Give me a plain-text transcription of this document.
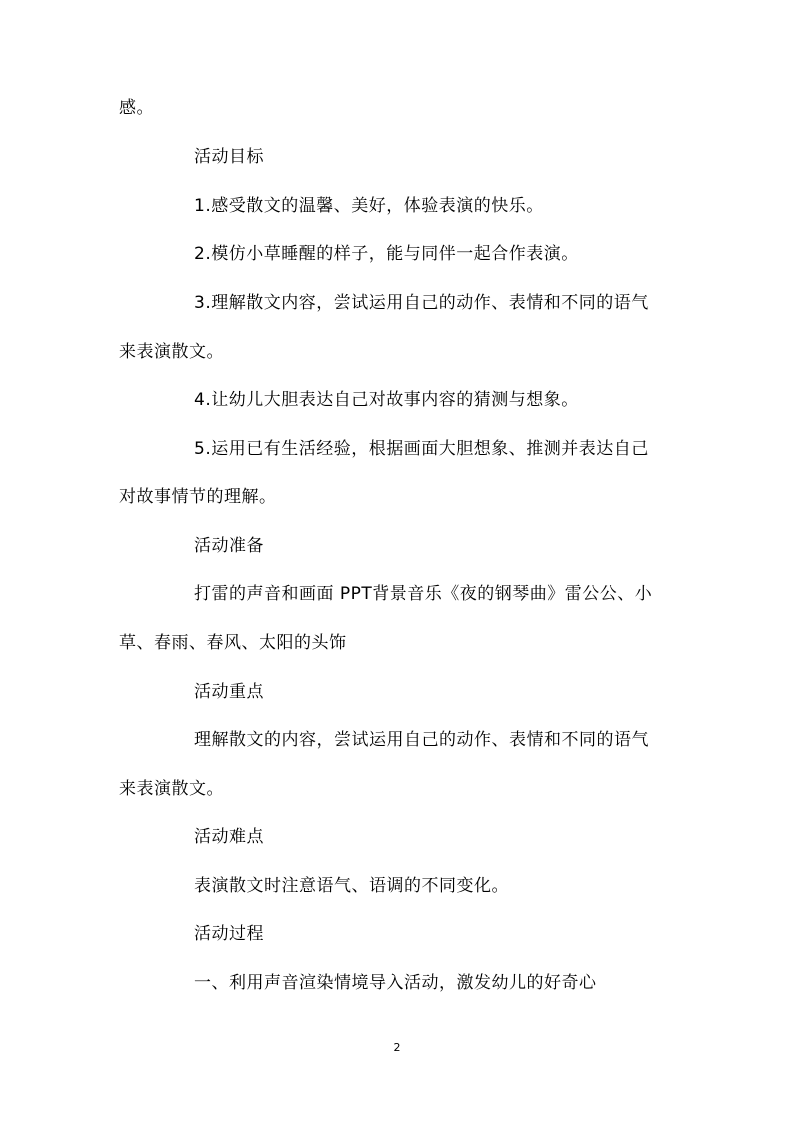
感。
活动目标
1.感受散文的温馨、美好，体验表演的快乐。
2.模仿小草睡醒的样子，能与同伴一起合作表演。
3.理解散文内容，尝试运用自己的动作、表情和不同的语气
来表演散文。
4.让幼儿大胆表达自己对故事内容的猜测与想象。
5.运用已有生活经验，根据画面大胆想象、推测并表达自己
对故事情节的理解。
活动准备
打雷的声音和画面 PPT背景音乐《夜的钢琴曲》雷公公、小
草、春雨、春风、太阳的头饰
活动重点
理解散文的内容，尝试运用自己的动作、表情和不同的语气
来表演散文。
活动难点
表演散文时注意语气、语调的不同变化。
活动过程
一、利用声音渲染情境导入活动，激发幼儿的好奇心
2
